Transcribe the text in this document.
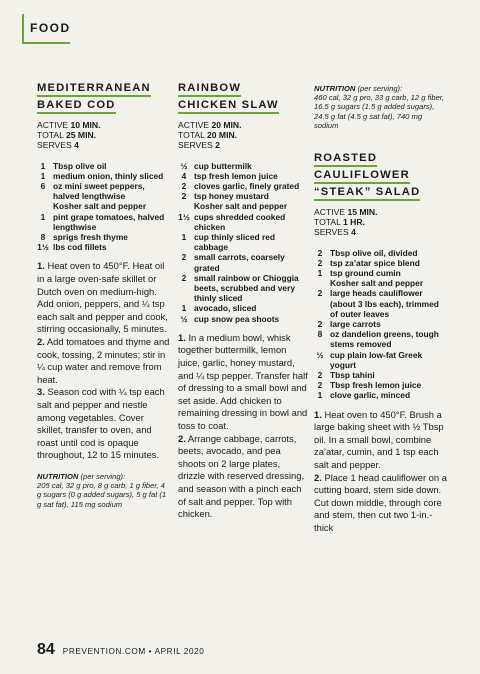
FOOD
MEDITERRANEAN
BAKED COD
ACTIVE 10 MIN.
TOTAL 25 MIN.
SERVES 4
1 Tbsp olive oil
1 medium onion, thinly sliced
6 oz mini sweet peppers, halved lengthwise
Kosher salt and pepper
1 pint grape tomatoes, halved lengthwise
8 sprigs fresh thyme
1½ lbs cod fillets

1. Heat oven to 450°F. Heat oil in a large oven-safe skillet or Dutch oven on medium-high. Add onion, peppers, and ¼ tsp each salt and pepper and cook, stirring occasionally, 5 minutes.

2. Add tomatoes and thyme and cook, tossing, 2 minutes; stir in ¼ cup water and remove from heat.

3. Season cod with ¼ tsp each salt and pepper and nestle among vegetables. Cover skillet, transfer to oven, and roast until cod is opaque throughout, 12 to 15 minutes.

NUTRITION (per serving):

205 cal, 32 g pro, 8 g carb, 1 g fiber, 4 g sugars (0 g added sugars), 5 g fat (1 g sat fat), 115 mg sodium

RAINBOW
CHICKEN SLAW
ACTIVE 20 MIN.
TOTAL 20 MIN.
SERVES 2
½ cup buttermilk
4 tsp fresh lemon juice
2 cloves garlic, finely grated
2 tsp honey mustard
Kosher salt and pepper
1½ cups shredded cooked chicken
1 cup thinly sliced red cabbage
2 small carrots, coarsely grated
2 small rainbow or Chioggia beets, scrubbed and very thinly sliced
1 avocado, sliced
½ cup snow pea shoots

1. In a medium bowl, whisk together buttermilk, lemon juice, garlic, honey mustard, and ¼ tsp pepper. Transfer half of dressing to a small bowl and set aside. Add chicken to remaining dressing in bowl and toss to coat.

2. Arrange cabbage, carrots, beets, avocado, and pea shoots on 2 large plates, drizzle with reserved dressing, and season with a pinch each of salt and pepper. Top with chicken.

NUTRITION (per serving):

460 cal, 32 g pro, 33 g carb, 12 g fiber, 16.5 g sugars (1.5 g added sugars), 24.5 g fat (4.5 g sat fat), 740 mg sodium

ROASTED
CAULIFLOWER
“STEAK” SALAD
ACTIVE 15 MIN.
TOTAL 1 HR.
SERVES 4
2 Tbsp olive oil, divided
2 tsp za’atar spice blend
1 tsp ground cumin
Kosher salt and pepper
2 large heads cauliflower (about 3 lbs each), trimmed of outer leaves
2 large carrots
8 oz dandelion greens, tough stems removed
½ cup plain low-fat Greek yogurt
2 Tbsp tahini
2 Tbsp fresh lemon juice
1 clove garlic, minced

1. Heat oven to 450°F. Brush a large baking sheet with ½ Tbsp oil. In a small bowl, combine za’atar, cumin, and 1 tsp each salt and pepper.

2. Place 1 head cauliflower on a cutting board, stem side down. Cut down middle, through core and stem, then cut two 1-in.-thick

84 PREVENTION.COM • APRIL 2020
